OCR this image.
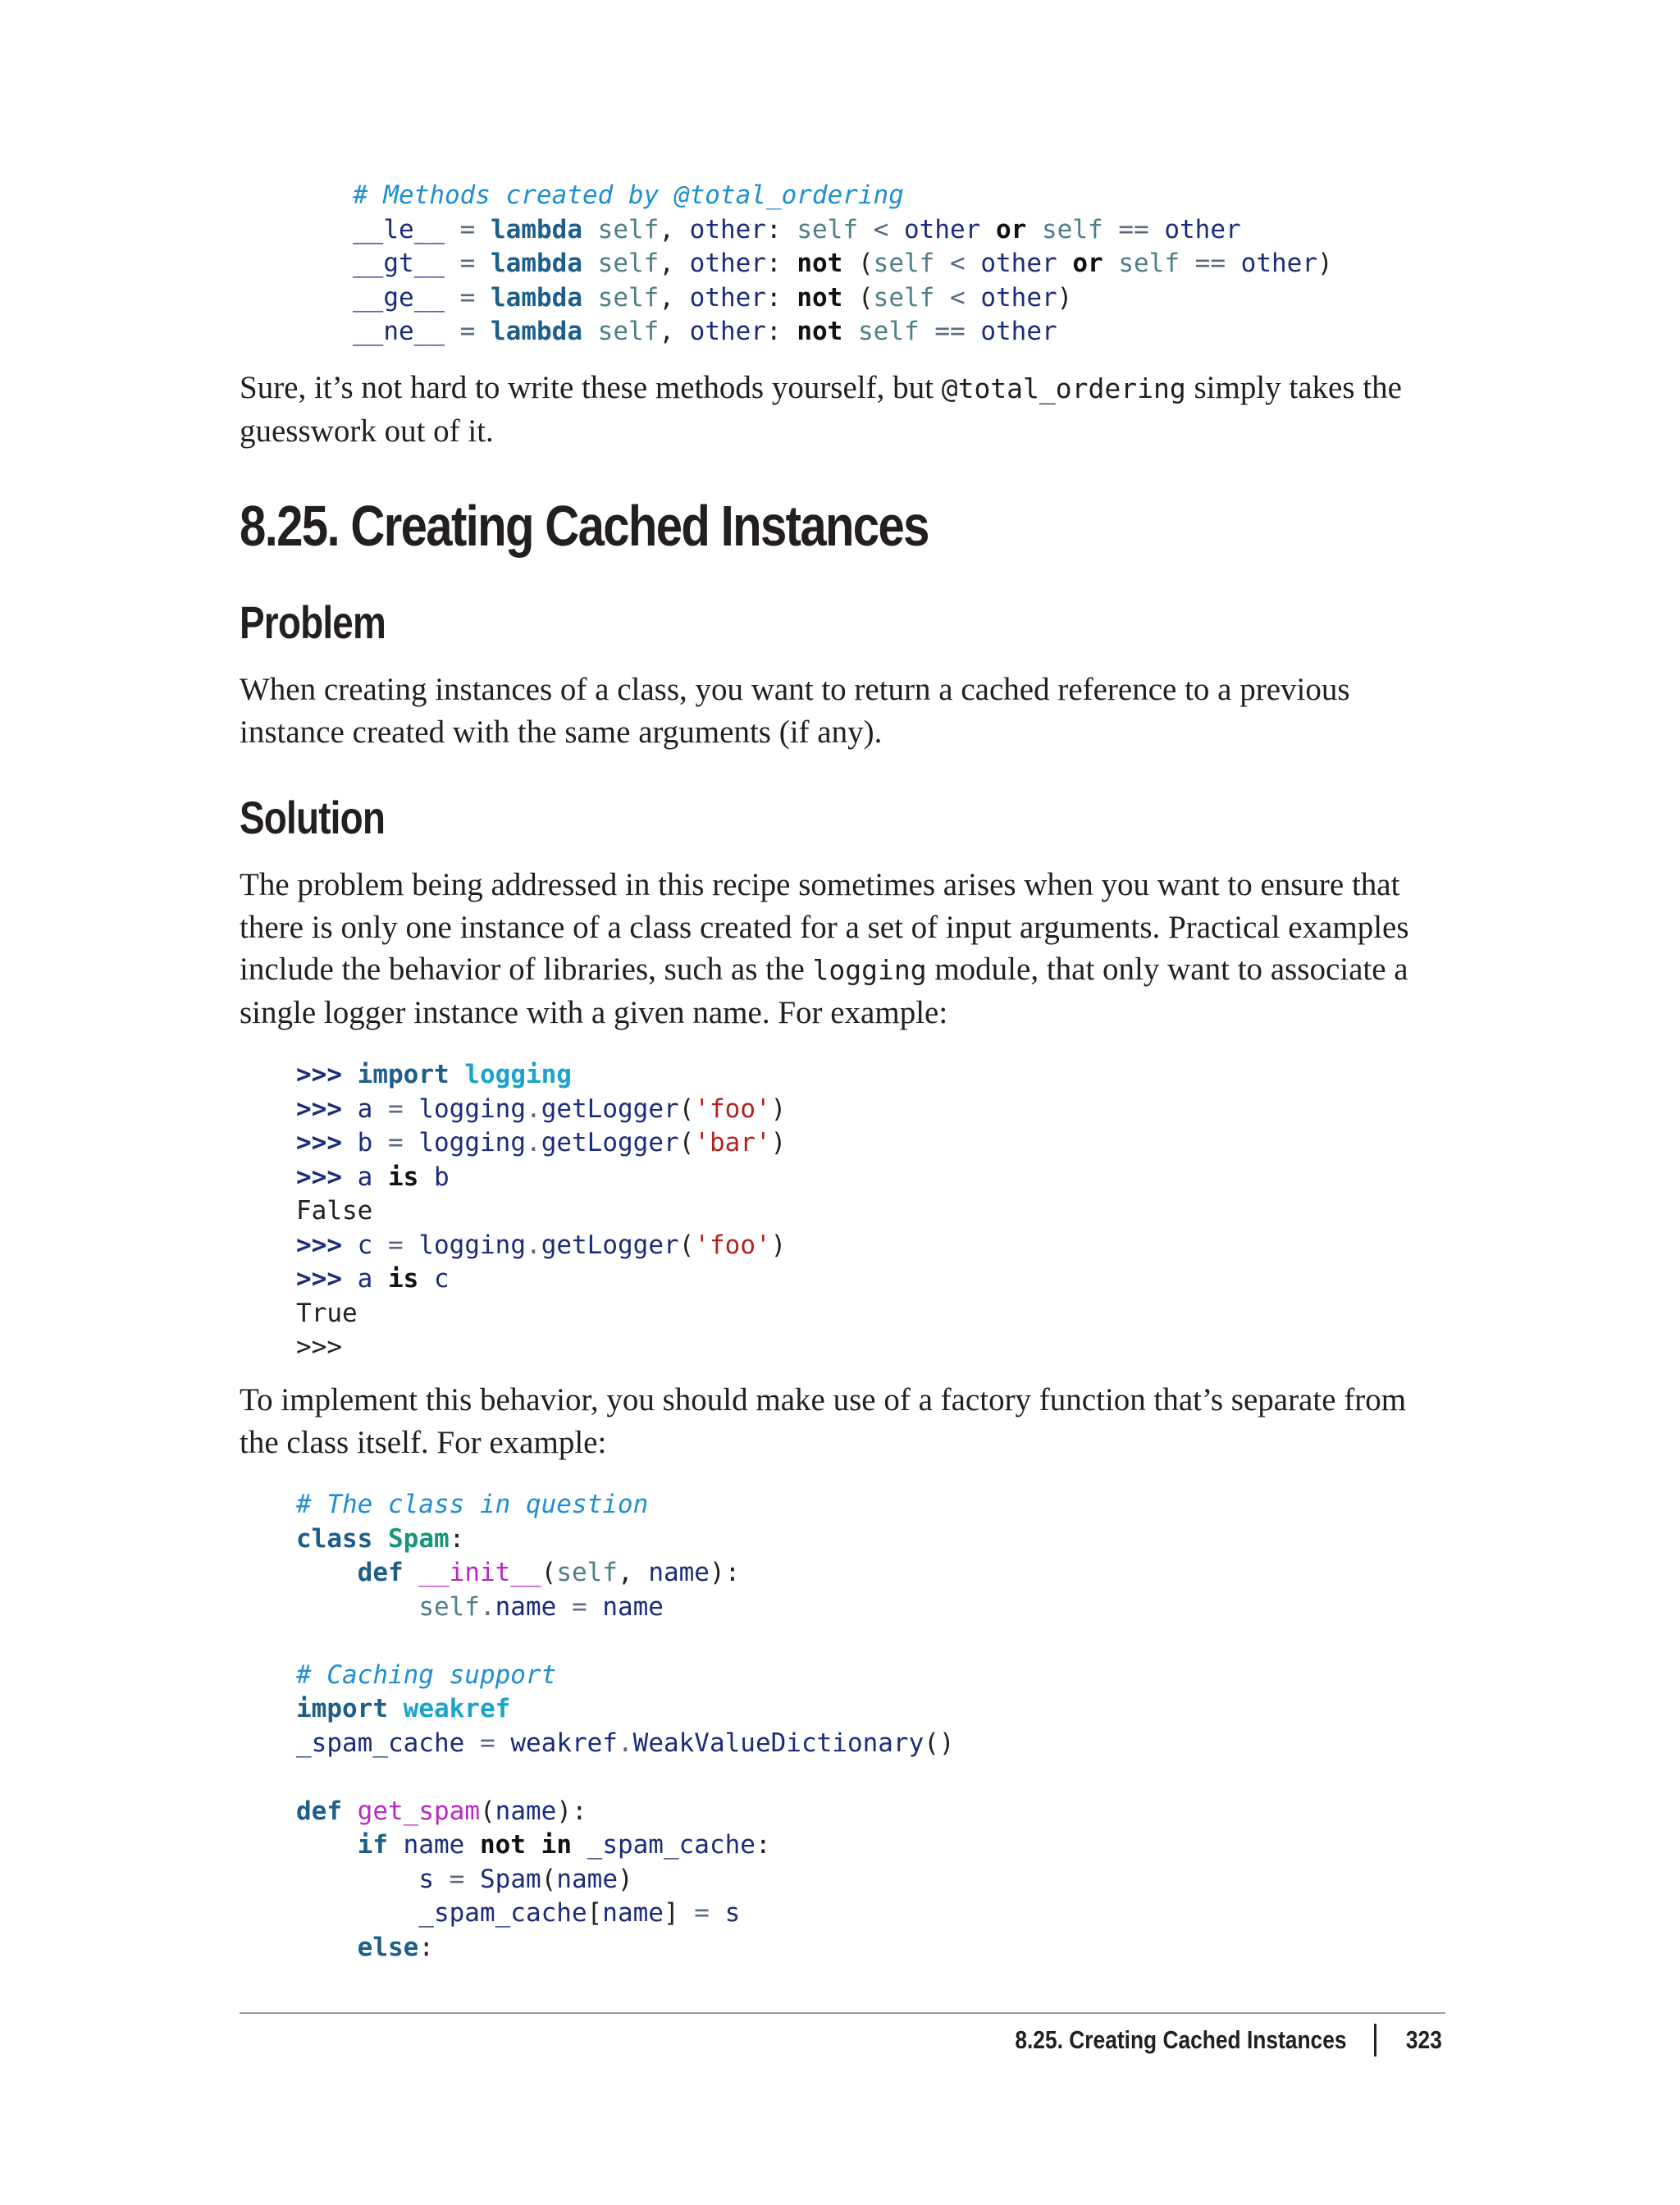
# Methods created by @total_ordering
__le__ = lambda self, other: self < other or self == other
__gt__ = lambda self, other: not (self < other or self == other)
__ge__ = lambda self, other: not (self < other)
__ne__ = lambda self, other: not self == other

Sure, it’s not hard to write these methods yourself, but @total_ordering simply takes the guesswork out of it.

8.25. Creating Cached Instances
Problem

When creating instances of a class, you want to return a cached reference to a previous instance created with the same arguments (if any).

Solution

The problem being addressed in this recipe sometimes arises when you want to ensure that there is only one instance of a class created for a set of input arguments. Practical examples include the behavior of libraries, such as the logging module, that only want to associate a single logger instance with a given name. For example:

>>> import logging
>>> a = logging.getLogger('foo')
>>> b = logging.getLogger('bar')
>>> a is b
False
>>> c = logging.getLogger('foo')
>>> a is c
True
>>>

To implement this behavior, you should make use of a factory function that’s separate from the class itself. For example:

# The class in question
class Spam:
def __init__(self, name):
self.name = name

# Caching support
import weakref
_spam_cache = weakref.WeakValueDictionary()

def get_spam(name):
if name not in _spam_cache:
s = Spam(name)
_spam_cache[name] = s
else:
8.25. Creating Cached Instances 323
